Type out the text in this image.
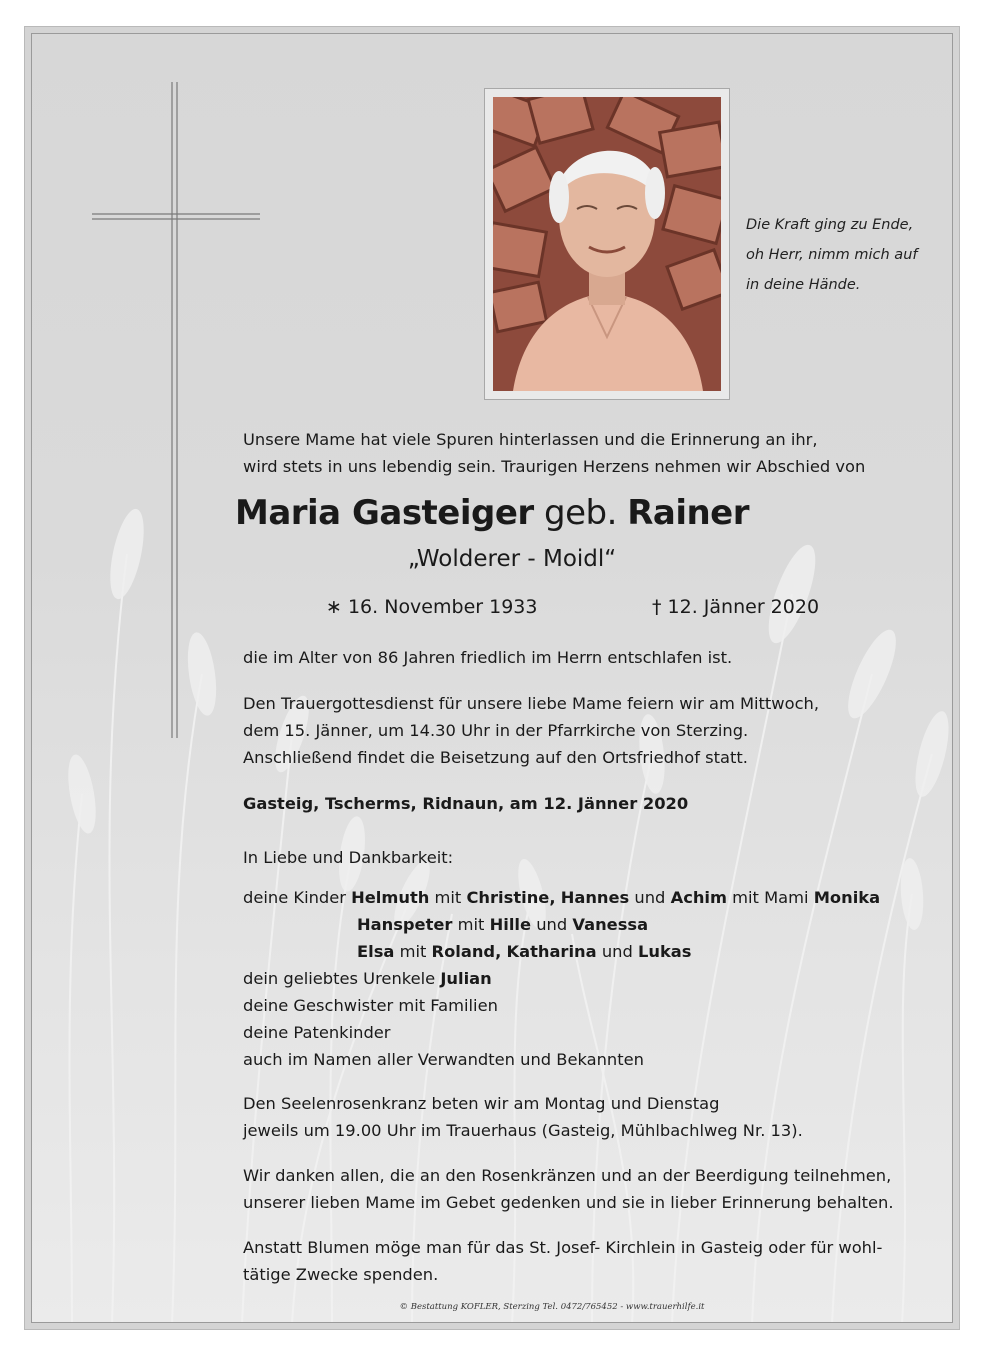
Die Kraft ging zu Ende,
oh Herr, nimm mich auf
in deine Hände.
Unsere Mame hat viele Spuren hinterlassen und die Erinnerung an ihr,
wird stets in uns lebendig sein. Traurigen Herzens nehmen wir Abschied von
Maria Gasteiger geb. Rainer
„Wolderer - Moidl“
∗ 16. November 1933	† 12. Jänner 2020
die im Alter von 86 Jahren friedlich im Herrn entschlafen ist.
Den Trauergottesdienst für unsere liebe Mame feiern wir am Mittwoch,
dem 15. Jänner, um 14.30 Uhr in der Pfarrkirche von Sterzing.
Anschließend findet die Beisetzung auf den Ortsfriedhof statt.
Gasteig, Tscherms, Ridnaun, am 12. Jänner 2020
In Liebe und Dankbarkeit:
deine Kinder Helmuth mit Christine, Hannes und Achim mit Mami Monika
Hanspeter mit Hille und Vanessa
Elsa mit Roland, Katharina und Lukas
dein geliebtes Urenkele Julian
deine Geschwister mit Familien
deine Patenkinder
auch im Namen aller Verwandten und Bekannten
Den Seelenrosenkranz beten wir am Montag und Dienstag
jeweils um 19.00 Uhr im Trauerhaus (Gasteig, Mühlbachlweg Nr. 13).
Wir danken allen, die an den Rosenkränzen und an der Beerdigung teilnehmen,
unserer lieben Mame im Gebet gedenken und sie in lieber Erinnerung behalten.
Anstatt Blumen möge man für das St. Josef- Kirchlein in Gasteig oder für wohl-
tätige Zwecke spenden.
© Bestattung KOFLER, Sterzing Tel. 0472/765452 - www.trauerhilfe.it
